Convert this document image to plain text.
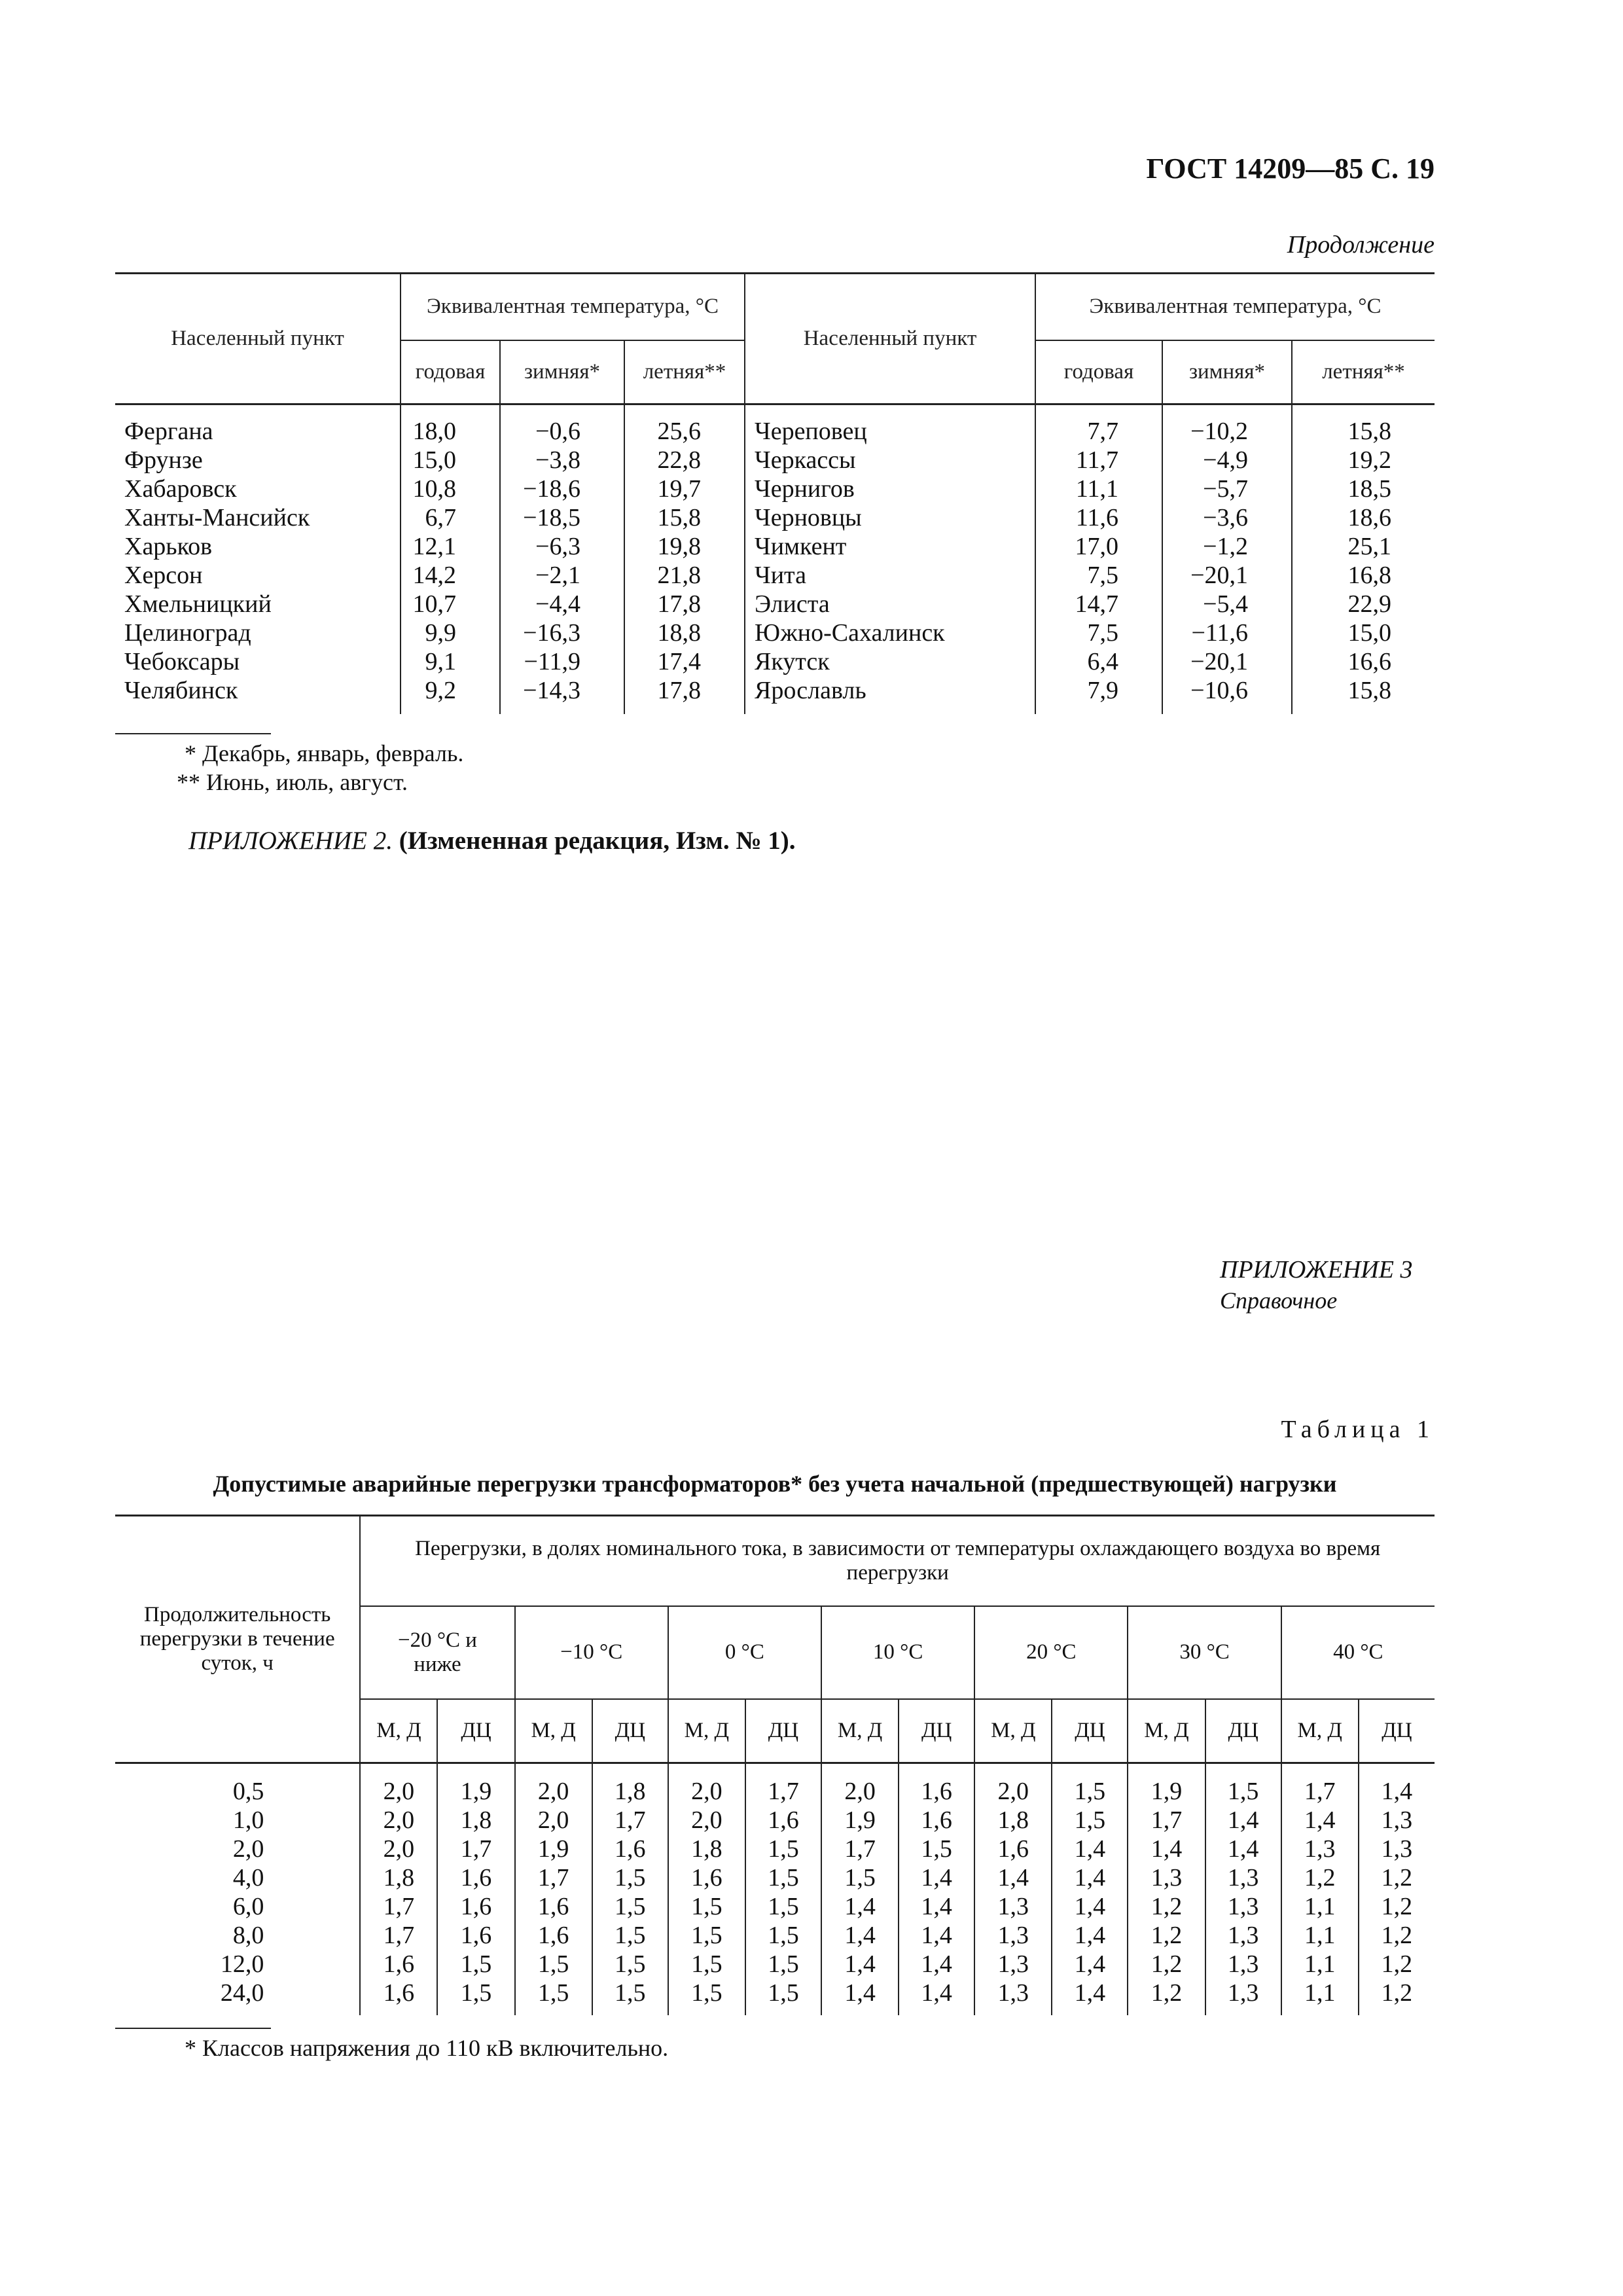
ГОСТ 14209—85 С. 19
Продолжение
Населенный пункт	Эквивалентная температура, °С			Населенный пункт	Эквивалентная температура, °С		
	годовая	зимняя*	летняя**		годовая	зимняя*	летняя**
Фергана	18,0	−0,6	25,6	Череповец	7,7	−10,2	15,8
Фрунзе	15,0	−3,8	22,8	Черкассы	11,7	−4,9	19,2
Хабаровск	10,8	−18,6	19,7	Чернигов	11,1	−5,7	18,5
Ханты-Мансийск	6,7	−18,5	15,8	Черновцы	11,6	−3,6	18,6
Харьков	12,1	−6,3	19,8	Чимкент	17,0	−1,2	25,1
Херсон	14,2	−2,1	21,8	Чита	7,5	−20,1	16,8
Хмельницкий	10,7	−4,4	17,8	Элиста	14,7	−5,4	22,9
Целиноград	9,9	−16,3	18,8	Южно-Сахалинск	7,5	−11,6	15,0
Чебоксары	9,1	−11,9	17,4	Якутск	6,4	−20,1	16,6
Челябинск	9,2	−14,3	17,8	Ярославль	7,9	−10,6	15,8
* Декабрь, январь, февраль.
** Июнь, июль, август.
ПРИЛОЖЕНИЕ 2. (Измененная редакция, Изм. № 1).
ПРИЛОЖЕНИЕ 3
Справочное
Таблица 1
Допустимые аварийные перегрузки трансформаторов* без учета начальной (предшествующей) нагрузки
Продолжительность перегрузки в течение суток, ч	Перегрузки, в долях номинального тока, в зависимости от температуры охлаждающего воздуха во время перегрузки													
	−20 °С и ниже		−10 °С		0 °С		10 °С		20 °С		30 °С		40 °С	
	М, Д	ДЦ	М, Д	ДЦ	М, Д	ДЦ	М, Д	ДЦ	М, Д	ДЦ	М, Д	ДЦ	М, Д	ДЦ
0,5	2,0	1,9	2,0	1,8	2,0	1,7	2,0	1,6	2,0	1,5	1,9	1,5	1,7	1,4
1,0	2,0	1,8	2,0	1,7	2,0	1,6	1,9	1,6	1,8	1,5	1,7	1,4	1,4	1,3
2,0	2,0	1,7	1,9	1,6	1,8	1,5	1,7	1,5	1,6	1,4	1,4	1,4	1,3	1,3
4,0	1,8	1,6	1,7	1,5	1,6	1,5	1,5	1,4	1,4	1,4	1,3	1,3	1,2	1,2
6,0	1,7	1,6	1,6	1,5	1,5	1,5	1,4	1,4	1,3	1,4	1,2	1,3	1,1	1,2
8,0	1,7	1,6	1,6	1,5	1,5	1,5	1,4	1,4	1,3	1,4	1,2	1,3	1,1	1,2
12,0	1,6	1,5	1,5	1,5	1,5	1,5	1,4	1,4	1,3	1,4	1,2	1,3	1,1	1,2
24,0	1,6	1,5	1,5	1,5	1,5	1,5	1,4	1,4	1,3	1,4	1,2	1,3	1,1	1,2
* Классов напряжения до 110 кВ включительно.
